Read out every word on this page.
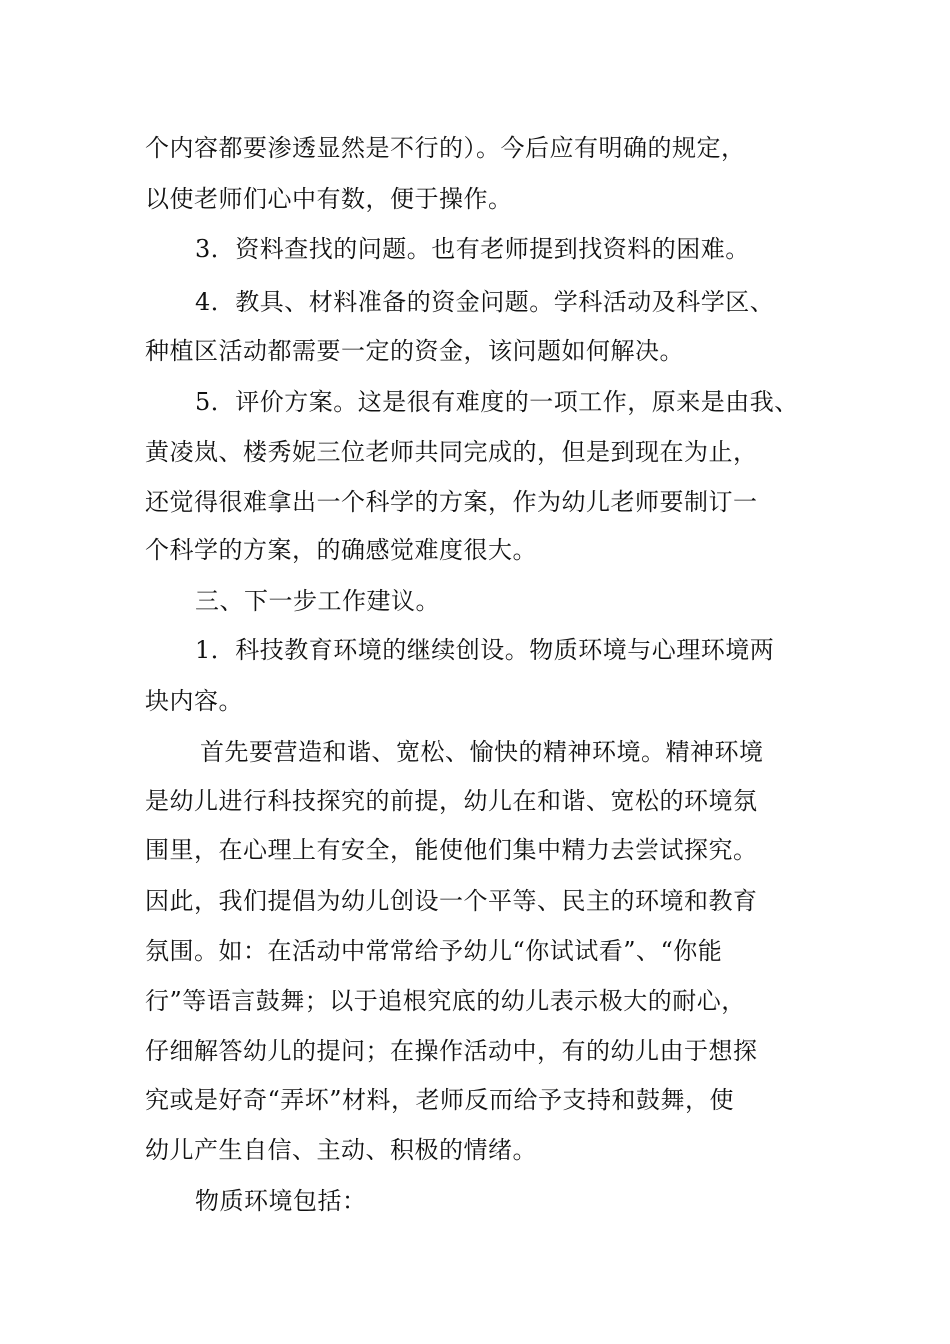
个内容都要渗透显然是不行的）。今后应有明确的规定，
以使老师们心中有数，便于操作。
3．资料查找的问题。也有老师提到找资料的困难。
4．教具、材料准备的资金问题。学科活动及科学区、
种植区活动都需要一定的资金，该问题如何解决。
5．评价方案。这是很有难度的一项工作，原来是由我、
黄凌岚、楼秀妮三位老师共同完成的，但是到现在为止，
还觉得很难拿出一个科学的方案，作为幼儿老师要制订一
个科学的方案，的确感觉难度很大。
三、下一步工作建议。
1．科技教育环境的继续创设。物质环境与心理环境两
块内容。
首先要营造和谐、宽松、愉快的精神环境。精神环境
是幼儿进行科技探究的前提，幼儿在和谐、宽松的环境氛
围里，在心理上有安全，能使他们集中精力去尝试探究。
因此，我们提倡为幼儿创设一个平等、民主的环境和教育
氛围。如：在活动中常常给予幼儿“你试试看”、“你能
行”等语言鼓舞；以于追根究底的幼儿表示极大的耐心，
仔细解答幼儿的提问；在操作活动中，有的幼儿由于想探
究或是好奇“弄坏”材料，老师反而给予支持和鼓舞，使
幼儿产生自信、主动、积极的情绪。
物质环境包括：
